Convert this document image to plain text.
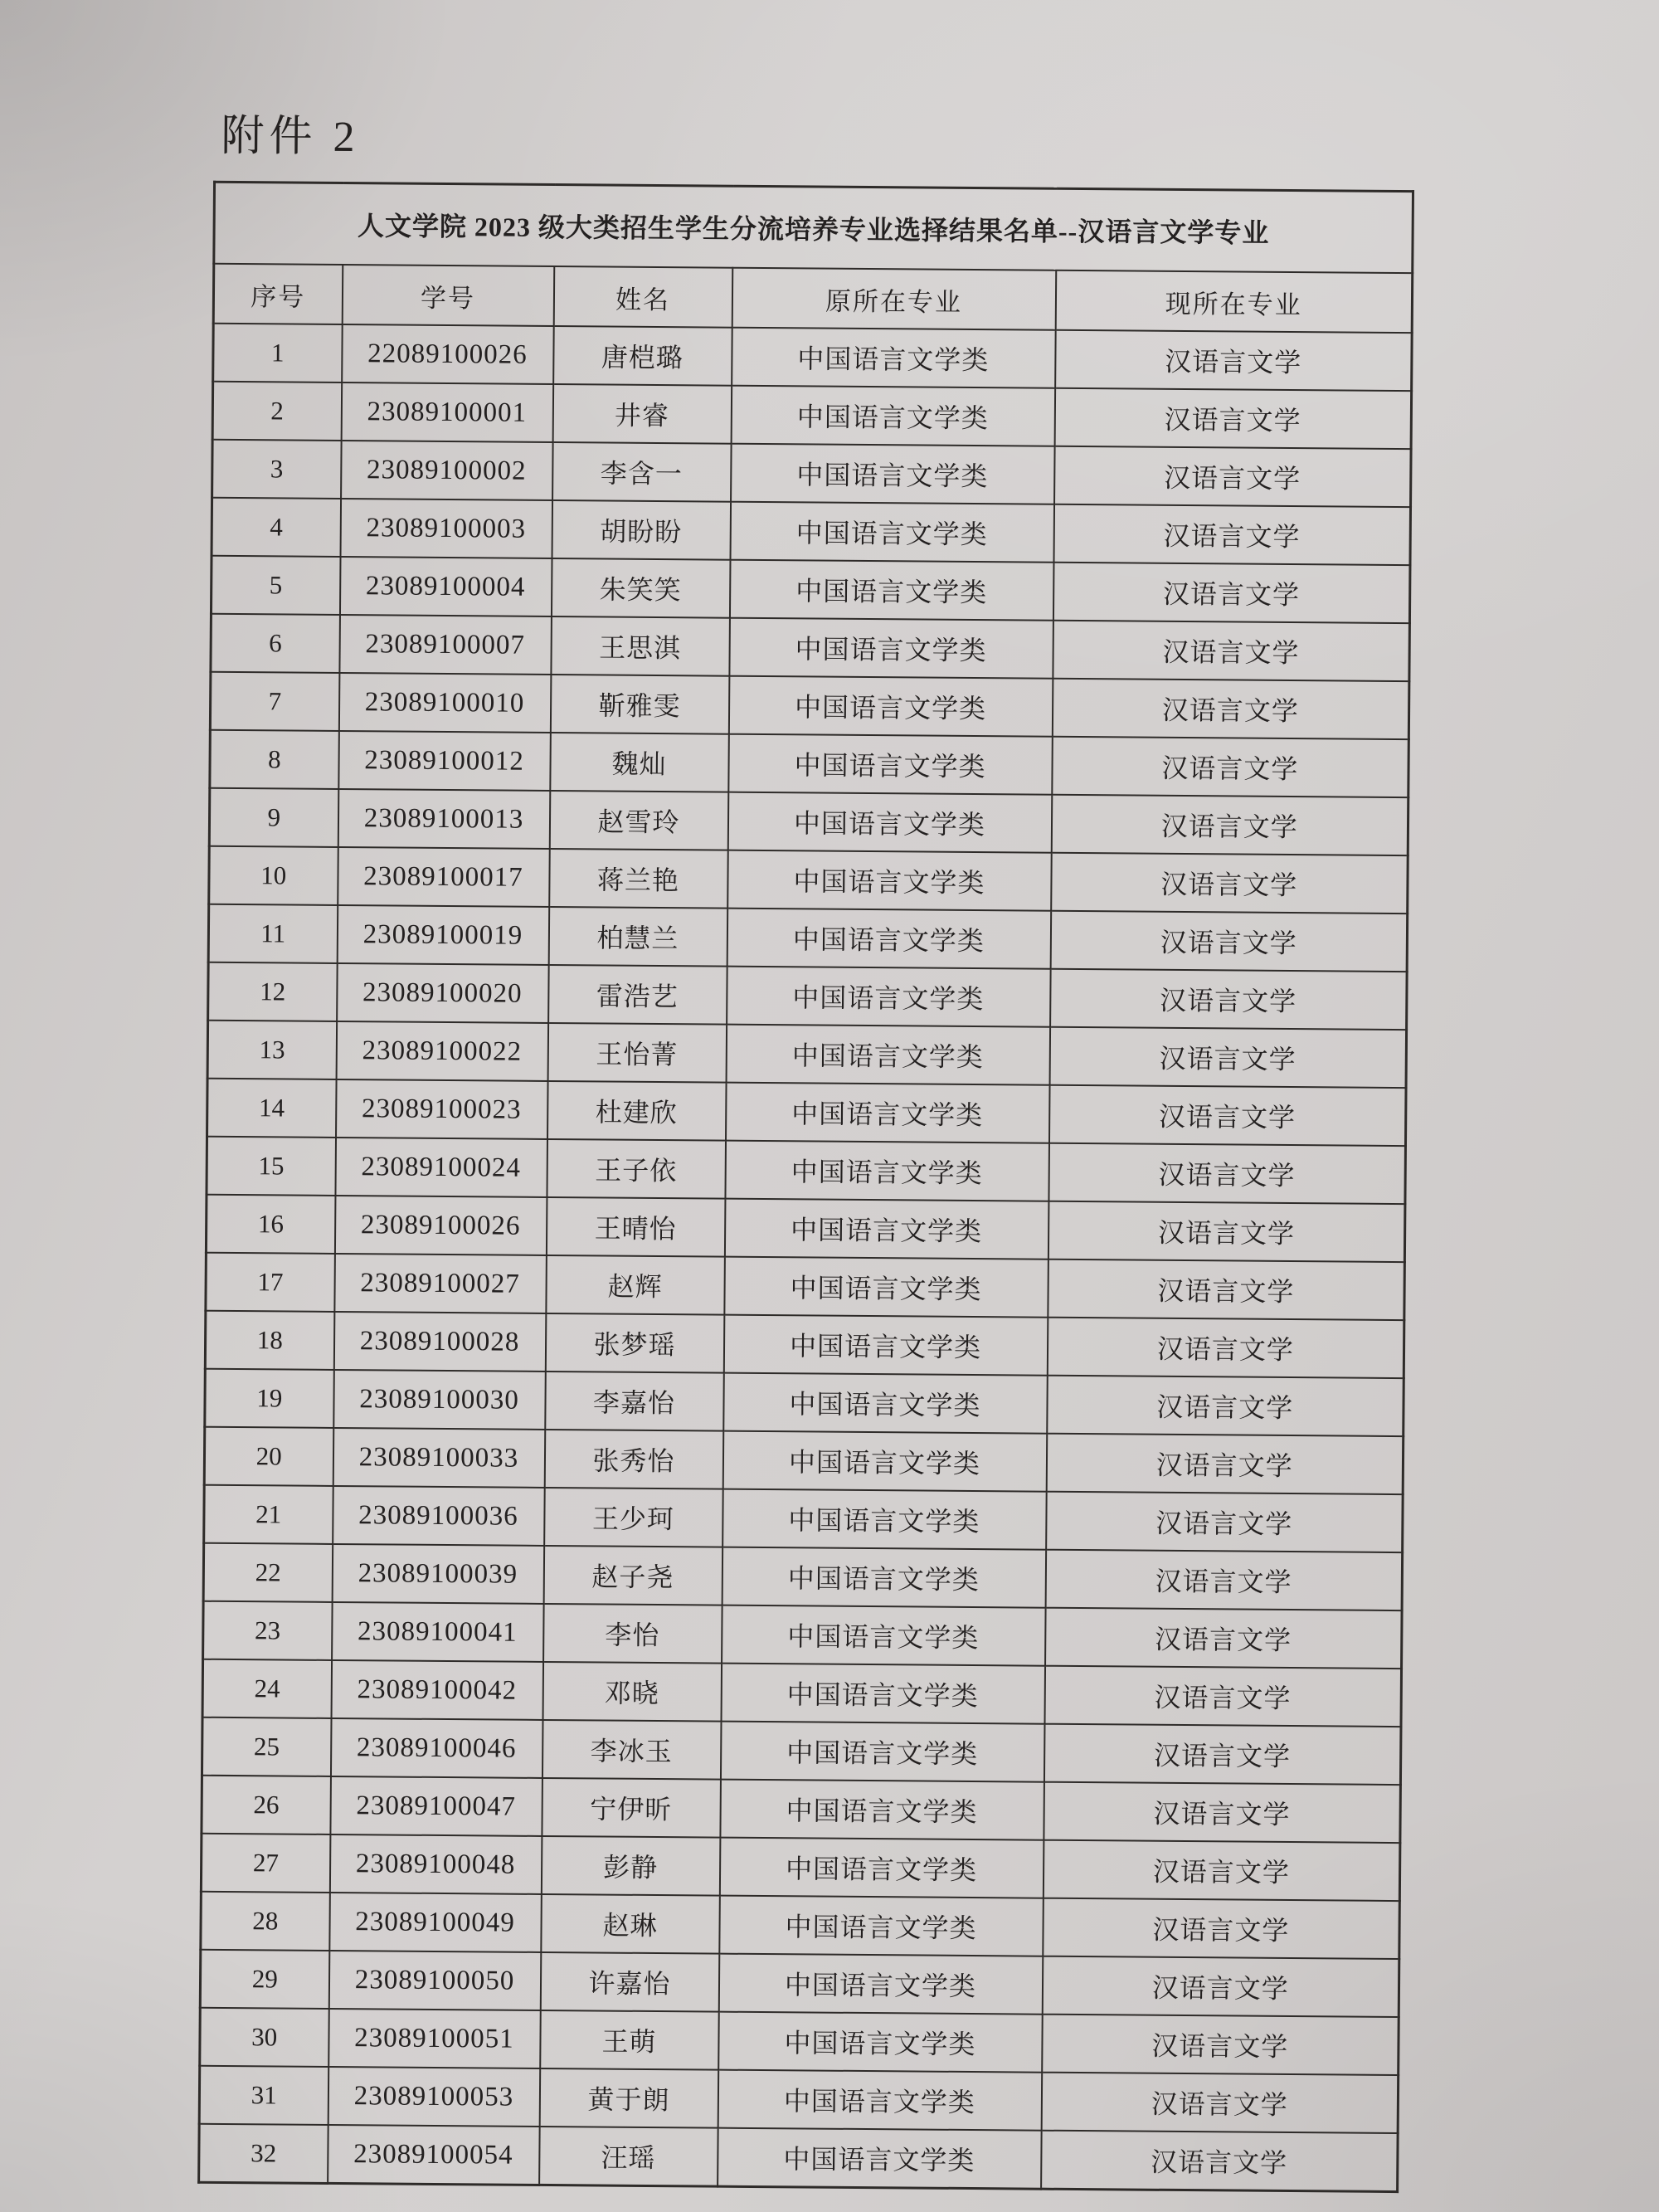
附件 2
人文学院 2023 级大类招生学生分流培养专业选择结果名单--汉语言文学专业				
序号	学号	姓名	原所在专业	现所在专业
1	22089100026	唐桤璐	中国语言文学类	汉语言文学
2	23089100001	井睿	中国语言文学类	汉语言文学
3	23089100002	李含一	中国语言文学类	汉语言文学
4	23089100003	胡盼盼	中国语言文学类	汉语言文学
5	23089100004	朱笑笑	中国语言文学类	汉语言文学
6	23089100007	王思淇	中国语言文学类	汉语言文学
7	23089100010	靳雅雯	中国语言文学类	汉语言文学
8	23089100012	魏灿	中国语言文学类	汉语言文学
9	23089100013	赵雪玲	中国语言文学类	汉语言文学
10	23089100017	蒋兰艳	中国语言文学类	汉语言文学
11	23089100019	柏慧兰	中国语言文学类	汉语言文学
12	23089100020	雷浩艺	中国语言文学类	汉语言文学
13	23089100022	王怡菁	中国语言文学类	汉语言文学
14	23089100023	杜建欣	中国语言文学类	汉语言文学
15	23089100024	王子依	中国语言文学类	汉语言文学
16	23089100026	王晴怡	中国语言文学类	汉语言文学
17	23089100027	赵辉	中国语言文学类	汉语言文学
18	23089100028	张梦瑶	中国语言文学类	汉语言文学
19	23089100030	李嘉怡	中国语言文学类	汉语言文学
20	23089100033	张秀怡	中国语言文学类	汉语言文学
21	23089100036	王少珂	中国语言文学类	汉语言文学
22	23089100039	赵子尧	中国语言文学类	汉语言文学
23	23089100041	李怡	中国语言文学类	汉语言文学
24	23089100042	邓晓	中国语言文学类	汉语言文学
25	23089100046	李冰玉	中国语言文学类	汉语言文学
26	23089100047	宁伊昕	中国语言文学类	汉语言文学
27	23089100048	彭静	中国语言文学类	汉语言文学
28	23089100049	赵琳	中国语言文学类	汉语言文学
29	23089100050	许嘉怡	中国语言文学类	汉语言文学
30	23089100051	王萌	中国语言文学类	汉语言文学
31	23089100053	黄于朗	中国语言文学类	汉语言文学
32	23089100054	汪瑶	中国语言文学类	汉语言文学
